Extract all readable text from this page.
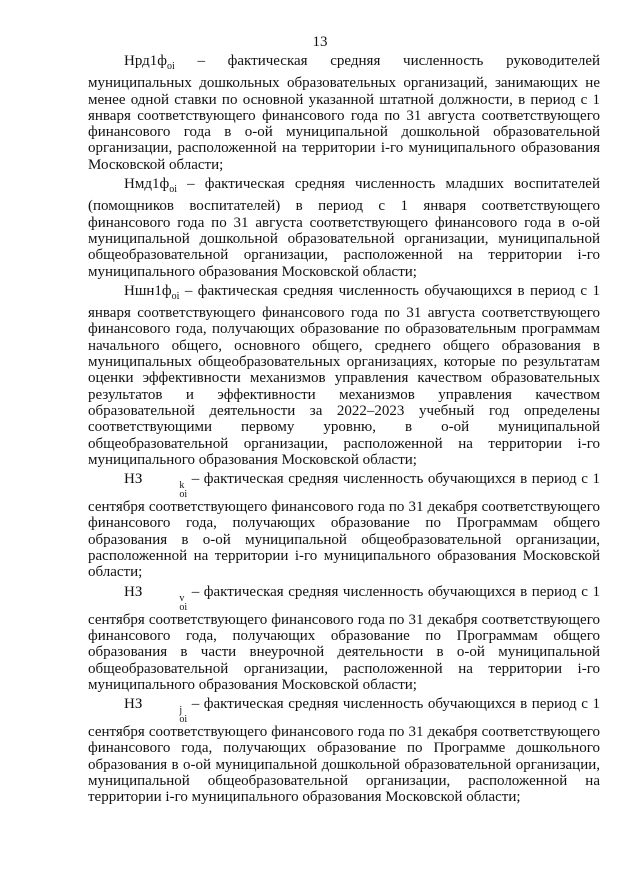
13

$Нрд1ф_{oi}$ – фактическая средняя численность руководителей муниципальных дошкольных образовательных организаций, занимающих не менее одной ставки по основной указанной штатной должности, в период с 1 января соответствующего финансового года по 31 августа соответствующего финансового года в о-ой муниципальной дошкольной образовательной организации, расположенной на территории i-го муниципального образования Московской области;

$Нмд1ф_{oi}$ – фактическая средняя численность младших воспитателей (помощников воспитателей) в период с 1 января соответствующего финансового года по 31 августа соответствующего финансового года в о-ой муниципальной дошкольной образовательной организации, муниципальной общеобразовательной организации, расположенной на территории i-го муниципального образования Московской области;

$Ншн1ф_{oi}$ – фактическая средняя численность обучающихся в период с 1 января соответствующего финансового года по 31 августа соответствующего финансового года, получающих образование по образовательным программам начального общего, основного общего, среднего общего образования в муниципальных общеобразовательных организациях, которые по результатам оценки эффективности механизмов управления качеством образовательных результатов и эффективности механизмов управления качеством образовательной деятельности за 2022–2023 учебный год определены соответствующими первому уровню, в о-ой муниципальной общеобразовательной организации, расположенной на территории i-го муниципального образования Московской области;

НЗ	k
oi
– фактическая средняя численность обучающихся в период с 1 сентября соответствующего финансового года по 31 декабря соответствующего финансового года, получающих образование по Программам общего образования в о-ой муниципальной общеобразовательной организации, расположенной на территории i-го муниципального образования Московской области;

НЗ	v
oi
– фактическая средняя численность обучающихся в период с 1 сентября соответствующего финансового года по 31 декабря соответствующего финансового года, получающих образование по Программам общего образования в части внеурочной деятельности в о-ой муниципальной общеобразовательной организации, расположенной на территории i-го муниципального образования Московской области;

НЗ	j
oi
– фактическая средняя численность обучающихся в период с 1 сентября соответствующего финансового года по 31 декабря соответствующего финансового года, получающих образование по Программе дошкольного образования в о-ой муниципальной дошкольной образовательной организации, муниципальной общеобразовательной организации, расположенной на территории i-го муниципального образования Московской области;
